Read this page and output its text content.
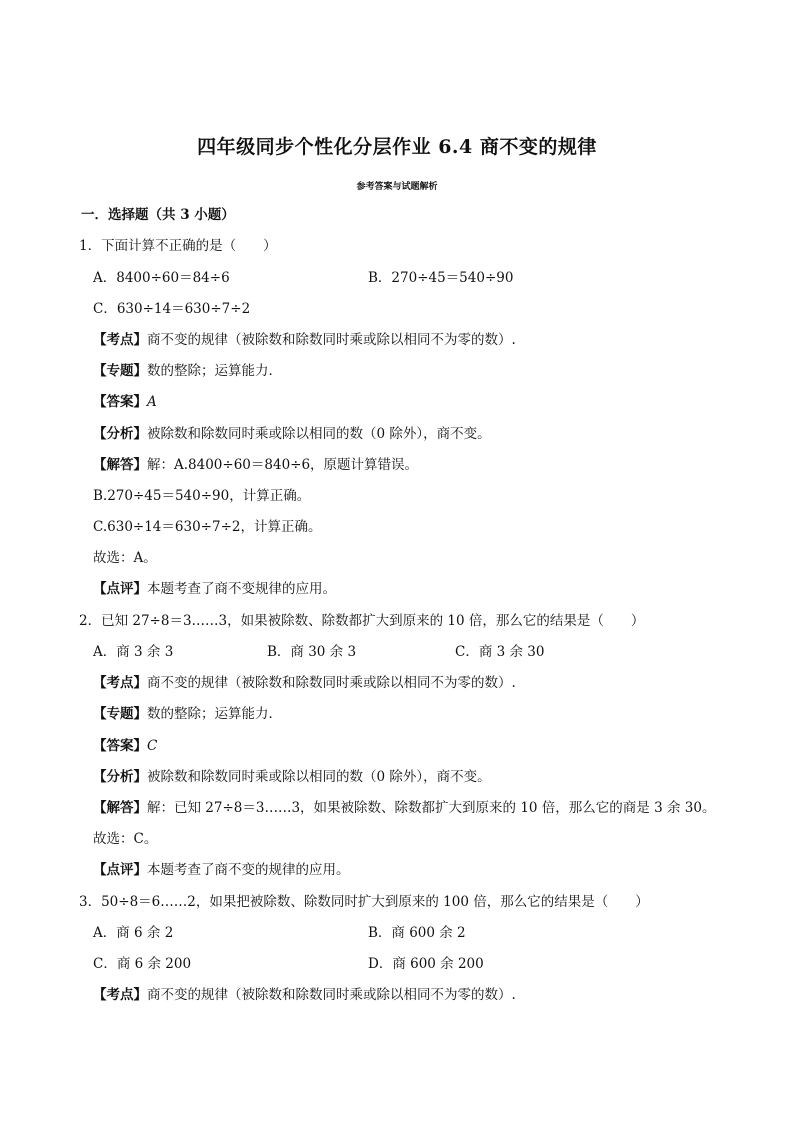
四年级同步个性化分层作业 6.4 商不变的规律
参考答案与试题解析
一．选择题（共 3 小题）
1．下面计算不正确的是（　　）
A．8400÷60＝84÷6	B．270÷45＝540÷90
C．630÷14＝630÷7÷2
【考点】商不变的规律（被除数和除数同时乘或除以相同不为零的数）.
【专题】数的整除；运算能力．
【答案】A
【分析】被除数和除数同时乘或除以相同的数（0 除外），商不变。
【解答】解：A.8400÷60＝840÷6，原题计算错误。
B.270÷45＝540÷90，计算正确。
C.630÷14＝630÷7÷2，计算正确。
故选：A。
【点评】本题考查了商不变规律的应用。
2．已知 27÷8＝3……3，如果被除数、除数都扩大到原来的 10 倍，那么它的结果是（　　）
A．商 3 余 3	B．商 30 余 3	C．商 3 余 30
【考点】商不变的规律（被除数和除数同时乘或除以相同不为零的数）.
【专题】数的整除；运算能力．
【答案】C
【分析】被除数和除数同时乘或除以相同的数（0 除外），商不变。
【解答】解：已知 27÷8＝3……3，如果被除数、除数都扩大到原来的 10 倍，那么它的商是 3 余 30。
故选：C。
【点评】本题考查了商不变的规律的应用。
3．50÷8＝6……2，如果把被除数、除数同时扩大到原来的 100 倍，那么它的结果是（　　）
A．商 6 余 2	B．商 600 余 2
C．商 6 余 200	D．商 600 余 200
【考点】商不变的规律（被除数和除数同时乘或除以相同不为零的数）.
